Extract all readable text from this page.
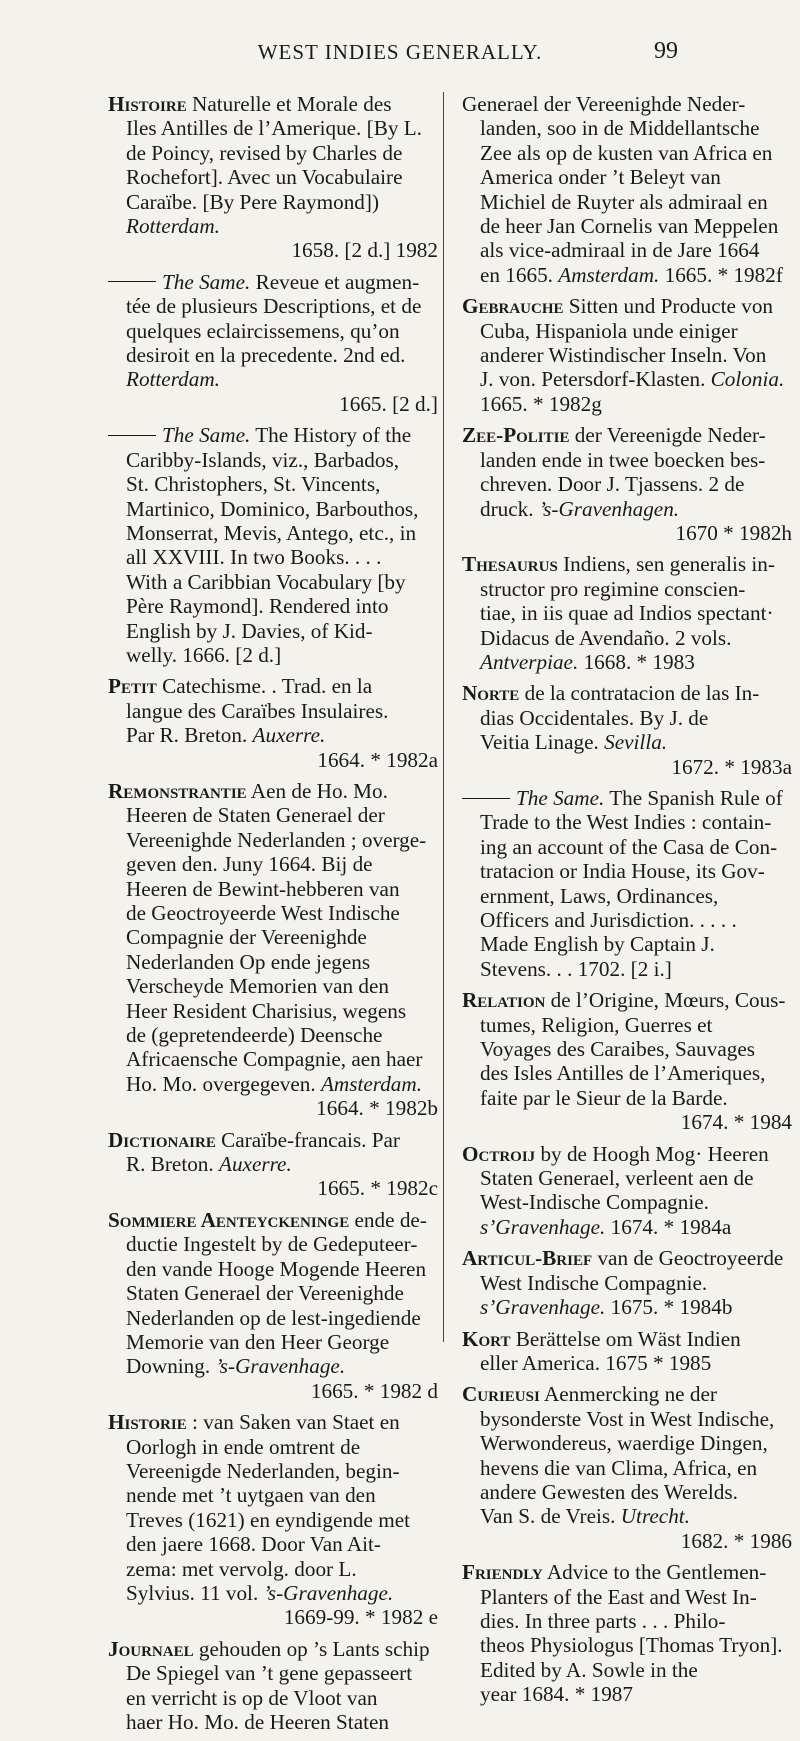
WEST INDIES GENERALLY.	99
Histoire Naturelle et Morale des
Iles Antilles de l’Amerique. [By L.
de Poincy, revised by Charles de
Rochefort]. Avec un Vocabulaire
Caraïbe. [By Pere Raymond]) Rotterdam.
1658. [2 d.] 1982
The Same. Reveue et augmen-
tée de plusieurs Descriptions, et de
quelques eclaircissemens, qu’on
desiroit en la precedente. 2nd ed. Rotterdam.
1665. [2 d.]
The Same. The History of the
Caribby-Islands, viz., Barbados,
St. Christophers, St. Vincents,
Martinico, Dominico, Barbouthos,
Monserrat, Mevis, Antego, etc., in
all XXVIII. In two Books. . . .
With a Caribbian Vocabulary [by
Père Raymond]. Rendered into
English by J. Davies, of Kid-
welly. 1666. [2 d.]
Petit Catechisme. . Trad. en la
langue des Caraïbes Insulaires.
Par R. Breton. Auxerre.
1664. * 1982a
Remonstrantie Aen de Ho. Mo.
Heeren de Staten Generael der
Vereenighde Nederlanden ; overge-
geven den. Juny 1664. Bij de
Heeren de Bewint-hebberen van
de Geoctroyeerde West Indische
Compagnie der Vereenighde
Nederlanden Op ende jegens
Verscheyde Memorien van den
Heer Resident Charisius, wegens
de (gepretendeerde) Deensche
Africaensche Compagnie, aen haer
Ho. Mo. overgegeven. Amsterdam.
1664. * 1982b
Dictionaire Caraïbe-francais. Par
R. Breton. Auxerre.
1665. * 1982c
Sommiere Aenteyckeninge ende de-
ductie Ingestelt by de Gedeputeer-
den vande Hooge Mogende Heeren
Staten Generael der Vereenighde
Nederlanden op de lest-ingediende
Memorie van den Heer George
Downing. ’s-Gravenhage.
1665. * 1982 d
Historie : van Saken van Staet en
Oorlogh in ende omtrent de
Vereenigde Nederlanden, begin-
nende met ’t uytgaen van den
Treves (1621) en eyndigende met
den jaere 1668. Door Van Ait-
zema: met vervolg. door L.
Sylvius. 11 vol. ’s-Gravenhage.
1669-99. * 1982 e
Journael gehouden op ’s Lants schip
De Spiegel van ’t gene gepasseert
en verricht is op de Vloot van
haer Ho. Mo. de Heeren Staten
Generael der Vereenighde Neder-
landen, soo in de Middellantsche
Zee als op de kusten van Africa en
America onder ’t Beleyt van
Michiel de Ruyter als admiraal en
de heer Jan Cornelis van Meppelen
als vice-admiraal in de Jare 1664
en 1665. Amsterdam. 1665. * 1982f
Gebrauche Sitten und Producte von
Cuba, Hispaniola unde einiger
anderer Wistindischer Inseln. Von
J. von. Petersdorf-Klasten. Colonia. 1665. * 1982g
Zee-Politie der Vereenigde Neder-
landen ende in twee boecken bes-
chreven. Door J. Tjassens. 2 de
druck. ’s-Gravenhagen.
1670 * 1982h
Thesaurus Indiens, sen generalis in-
structor pro regimine conscien-
tiae, in iis quae ad Indios spectant·
Didacus de Avendaño. 2 vols. Antverpiae. 1668. * 1983
Norte de la contratacion de las In-
dias Occidentales. By J. de
Veitia Linage. Sevilla.
1672. * 1983a
The Same. The Spanish Rule of
Trade to the West Indies : contain-
ing an account of the Casa de Con-
tratacion or India House, its Gov-
ernment, Laws, Ordinances,
Officers and Jurisdiction. . . . .
Made English by Captain J.
Stevens. . . 1702. [2 i.]
Relation de l’Origine, Mœurs, Cous-
tumes, Religion, Guerres et
Voyages des Caraibes, Sauvages
des Isles Antilles de l’Ameriques,
faite par le Sieur de la Barde.
1674. * 1984
Octroij by de Hoogh Mog· Heeren
Staten Generael, verleent aen de
West-Indische Compagnie. s’Gravenhage. 1674. * 1984a
Articul-Brief van de Geoctroyeerde
West Indische Compagnie. s’Gravenhage. 1675. * 1984b
Kort Berättelse om Wäst Indien
eller America. 1675 * 1985
Curieusi Aenmercking ne der
bysonderste Vost in West Indische,
Werwondereus, waerdige Dingen,
hevens die van Clima, Africa, en
andere Gewesten des Werelds.
Van S. de Vreis. Utrecht.
1682. * 1986
Friendly Advice to the Gentlemen-
Planters of the East and West In-
dies. In three parts . . . Philo-
theos Physiologus [Thomas Tryon].
Edited by A. Sowle in the
year 1684. * 1987
